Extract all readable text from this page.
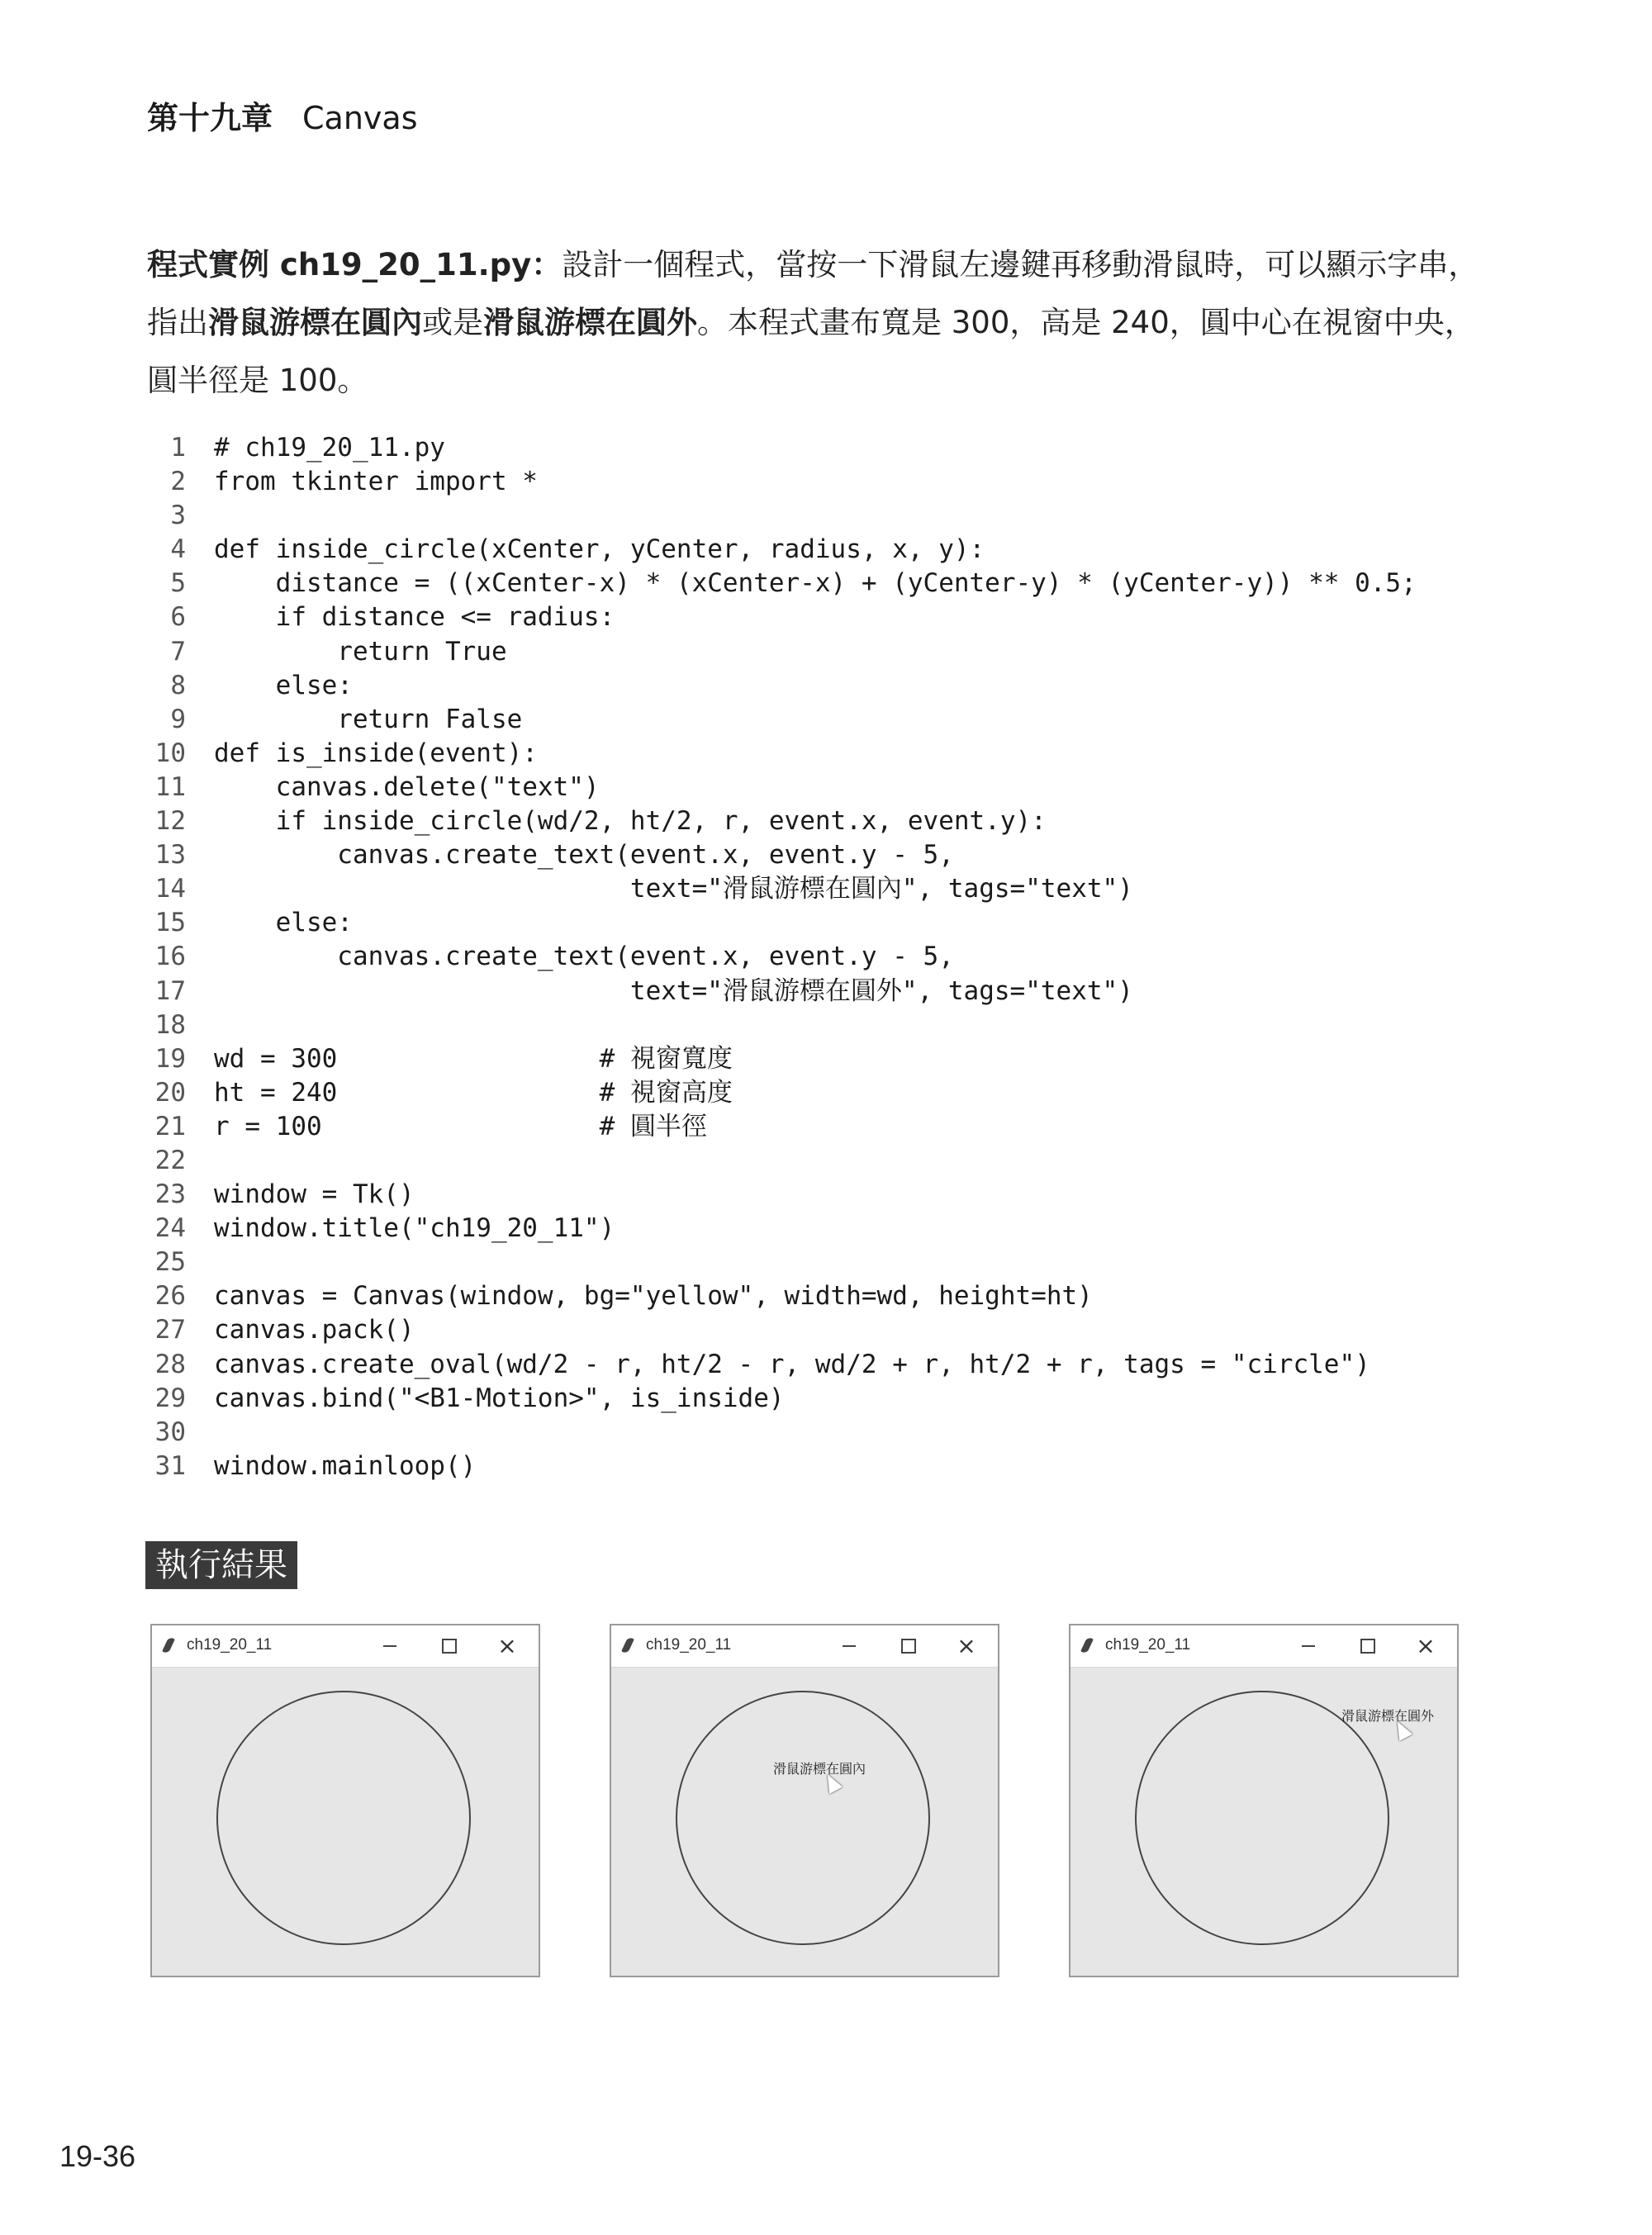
第十九章 Canvas
程式實例 ch19_20_11.py：設計一個程式，當按一下滑鼠左邊鍵再移動滑鼠時，可以顯示字串，指出滑鼠游標在圓內或是滑鼠游標在圓外。本程式畫布寬是 300，高是 240，圓中心在視窗中央，圓半徑是 100。
1 # ch19_20_11.py
2 from tkinter import *
3
4 def inside_circle(xCenter, yCenter, radius, x, y):
5    distance = ((xCenter-x) * (xCenter-x) + (yCenter-y) * (yCenter-y)) ** 0.5;
6    if distance <= radius:
7        return True
8    else:
9        return False
10 def is_inside(event):
11    canvas.delete("text")
12    if inside_circle(wd/2, ht/2, r, event.x, event.y):
13        canvas.create_text(event.x, event.y - 5,
14                           text="滑鼠游標在圓內", tags="text")
15    else:
16        canvas.create_text(event.x, event.y - 5,
17                           text="滑鼠游標在圓外", tags="text")
18
19 wd = 300                 # 視窗寬度
20 ht = 240                 # 視窗高度
21 r = 100                  # 圓半徑
22
23 window = Tk()
24 window.title("ch19_20_11")
25
26 canvas = Canvas(window, bg="yellow", width=wd, height=ht)
27 canvas.pack()
28 canvas.create_oval(wd/2 - r, ht/2 - r, wd/2 + r, ht/2 + r, tags = "circle")
29 canvas.bind("<B1-Motion>", is_inside)
30
31 window.mainloop()
執行結果
ch19_20_11	×	ch19_20_11	×
滑鼠游標在圓內
ch19_20_11	×
滑鼠游標在圓外
19-36
